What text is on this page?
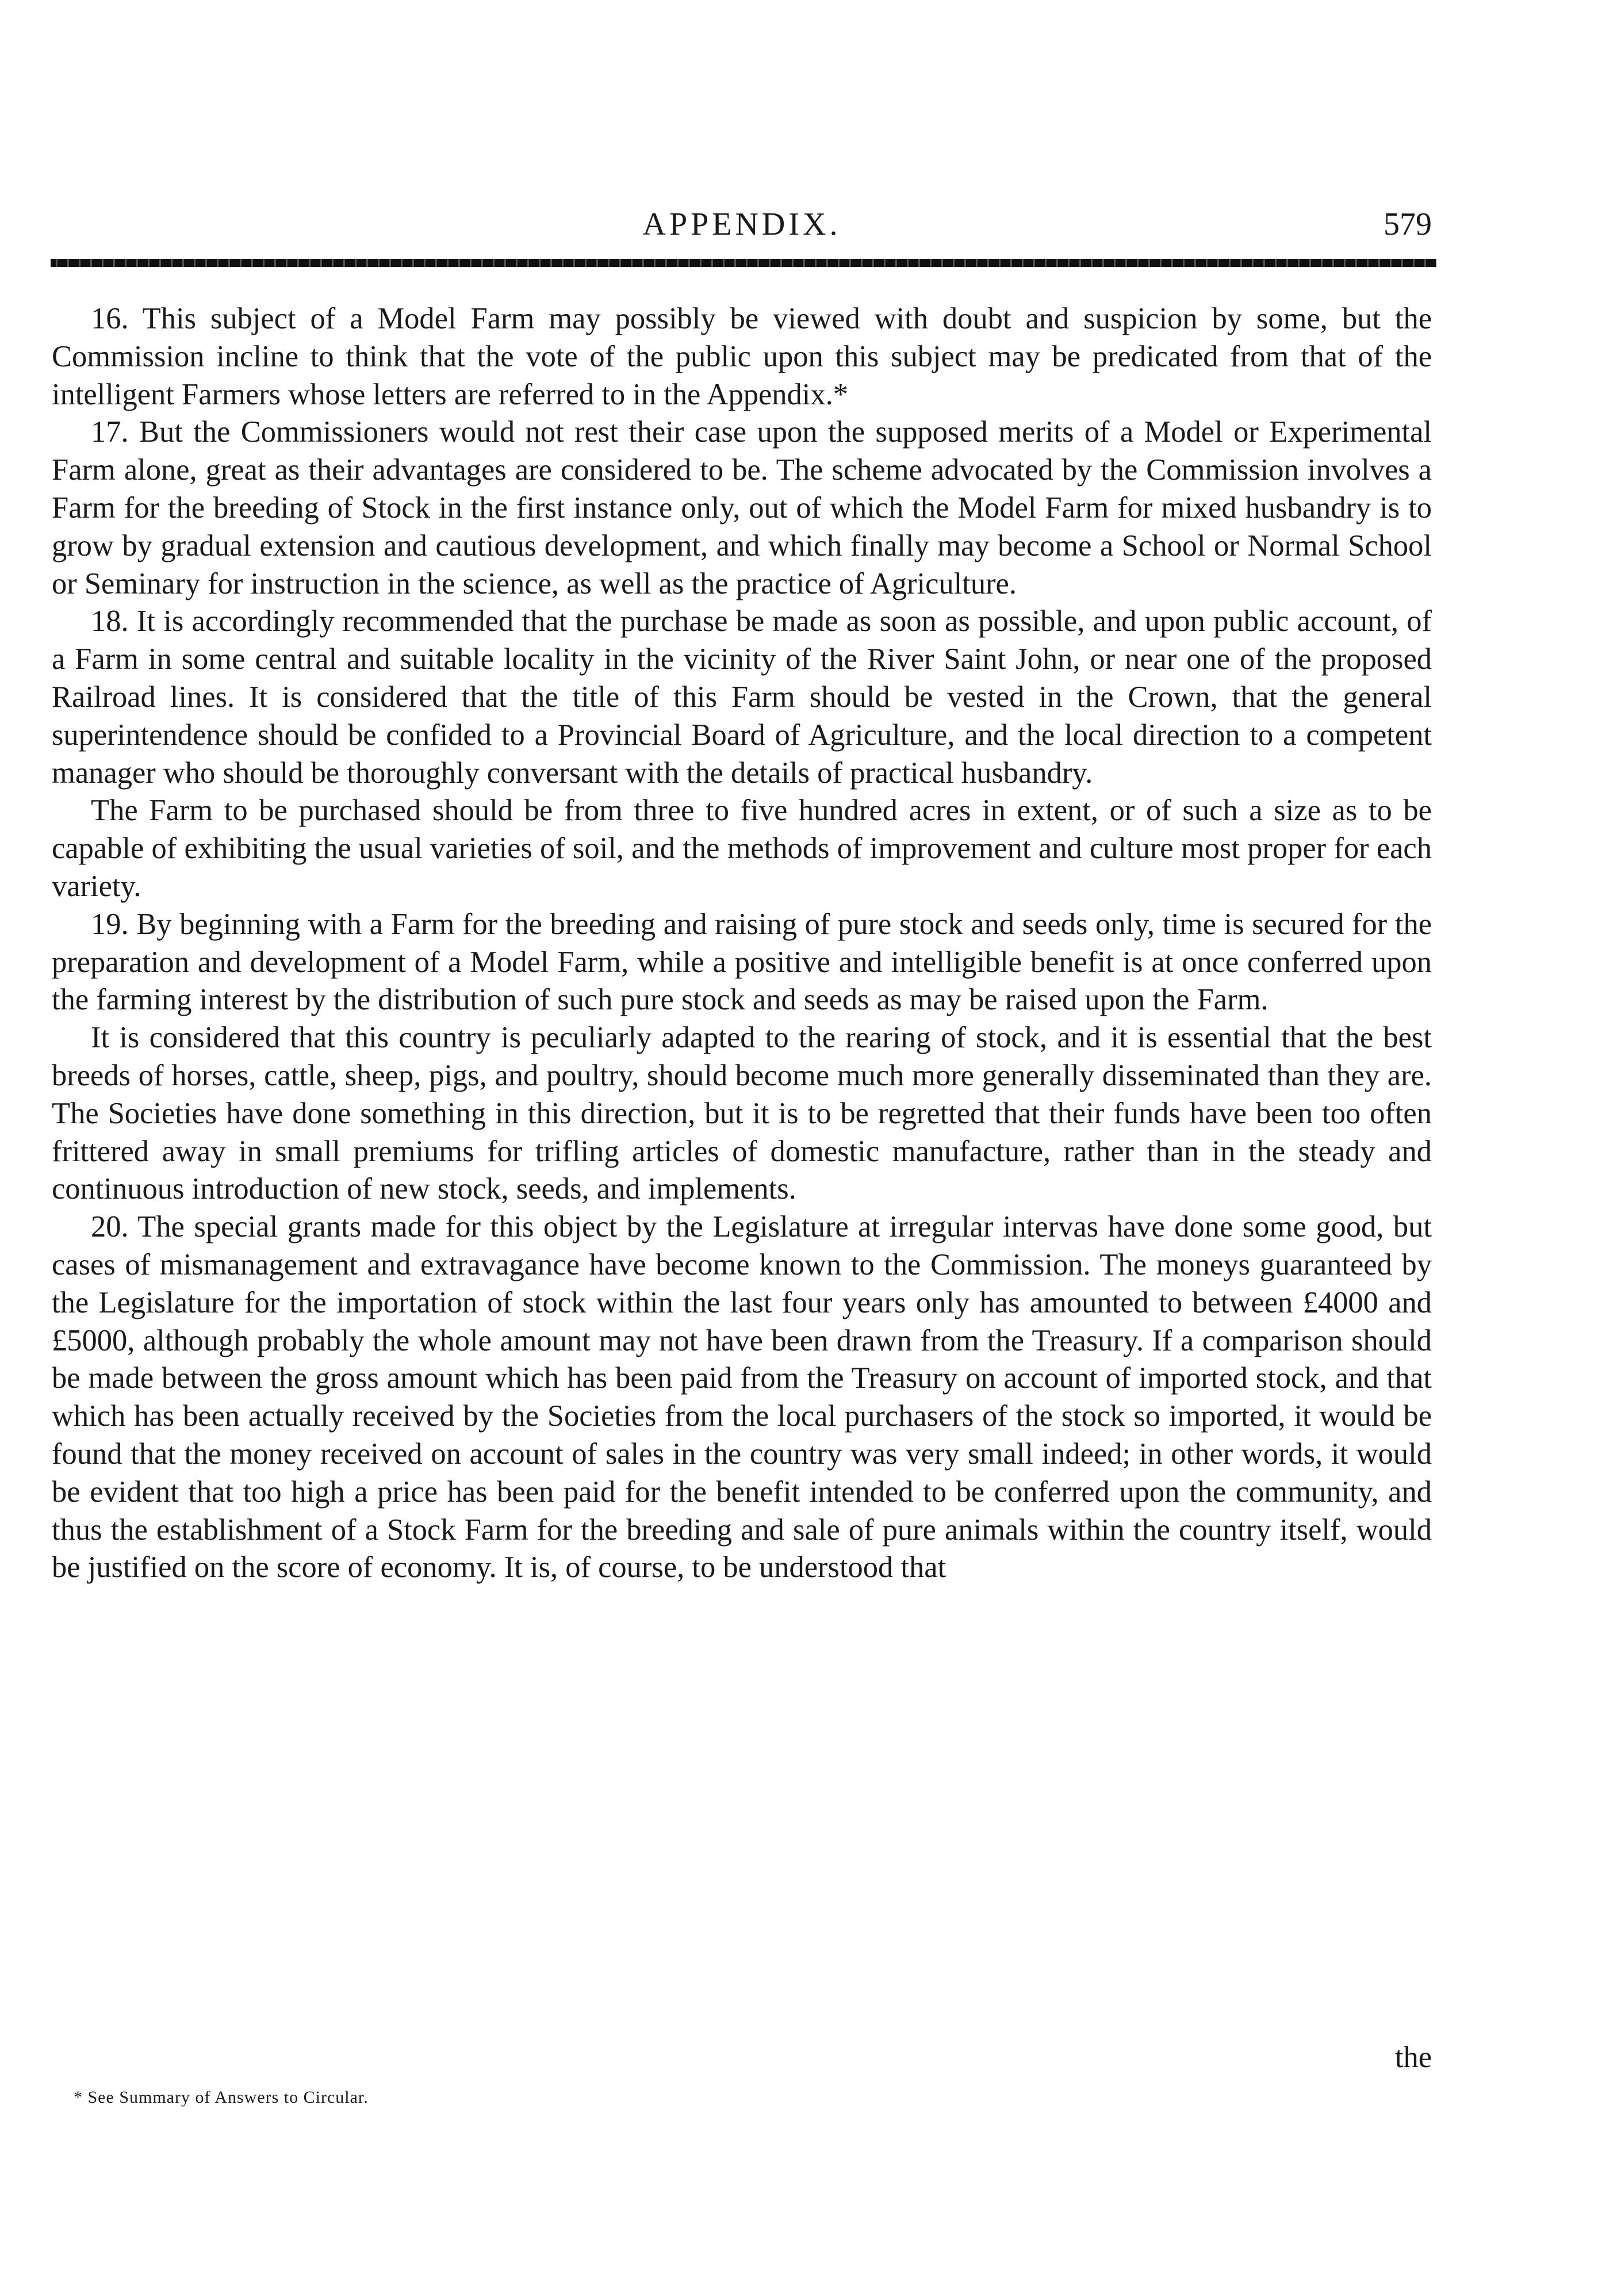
APPENDIX.	579

16. This subject of a Model Farm may possibly be viewed with doubt and suspicion by some, but the Commission incline to think that the vote of the public upon this subject may be predicated from that of the intelligent Farmers whose letters are referred to in the Appendix.*

17. But the Commissioners would not rest their case upon the supposed merits of a Model or Experimental Farm alone, great as their advantages are considered to be. The scheme advocated by the Commission involves a Farm for the breeding of Stock in the first instance only, out of which the Model Farm for mixed husbandry is to grow by gradual extension and cautious development, and which finally may become a School or Normal School or Seminary for instruction in the science, as well as the practice of Agriculture.

18. It is accordingly recommended that the purchase be made as soon as possible, and upon public account, of a Farm in some central and suitable locality in the vicinity of the River Saint John, or near one of the proposed Railroad lines. It is considered that the title of this Farm should be vested in the Crown, that the general superintendence should be confided to a Provincial Board of Agriculture, and the local direction to a competent manager who should be thoroughly conversant with the details of practical husbandry.

The Farm to be purchased should be from three to five hundred acres in extent, or of such a size as to be capable of exhibiting the usual varieties of soil, and the methods of improvement and culture most proper for each variety.

19. By beginning with a Farm for the breeding and raising of pure stock and seeds only, time is secured for the preparation and development of a Model Farm, while a positive and intelligible benefit is at once conferred upon the farming interest by the distribution of such pure stock and seeds as may be raised upon the Farm.

It is considered that this country is peculiarly adapted to the rearing of stock, and it is essential that the best breeds of horses, cattle, sheep, pigs, and poultry, should become much more generally disseminated than they are. The Societies have done something in this direction, but it is to be regretted that their funds have been too often frittered away in small premiums for trifling articles of domestic manufacture, rather than in the steady and continuous introduction of new stock, seeds, and implements.

20. The special grants made for this object by the Legislature at irregular intervas have done some good, but cases of mismanagement and extravagance have become known to the Commission. The moneys guaranteed by the Legislature for the importation of stock within the last four years only has amounted to between £4000 and £5000, although probably the whole amount may not have been drawn from the Treasury. If a comparison should be made between the gross amount which has been paid from the Treasury on account of imported stock, and that which has been actually received by the Societies from the local purchasers of the stock so imported, it would be found that the money received on account of sales in the country was very small indeed; in other words, it would be evident that too high a price has been paid for the benefit intended to be conferred upon the community, and thus the establishment of a Stock Farm for the breeding and sale of pure animals within the country itself, would be justified on the score of economy. It is, of course, to be understood that

the
* See Summary of Answers to Circular.
